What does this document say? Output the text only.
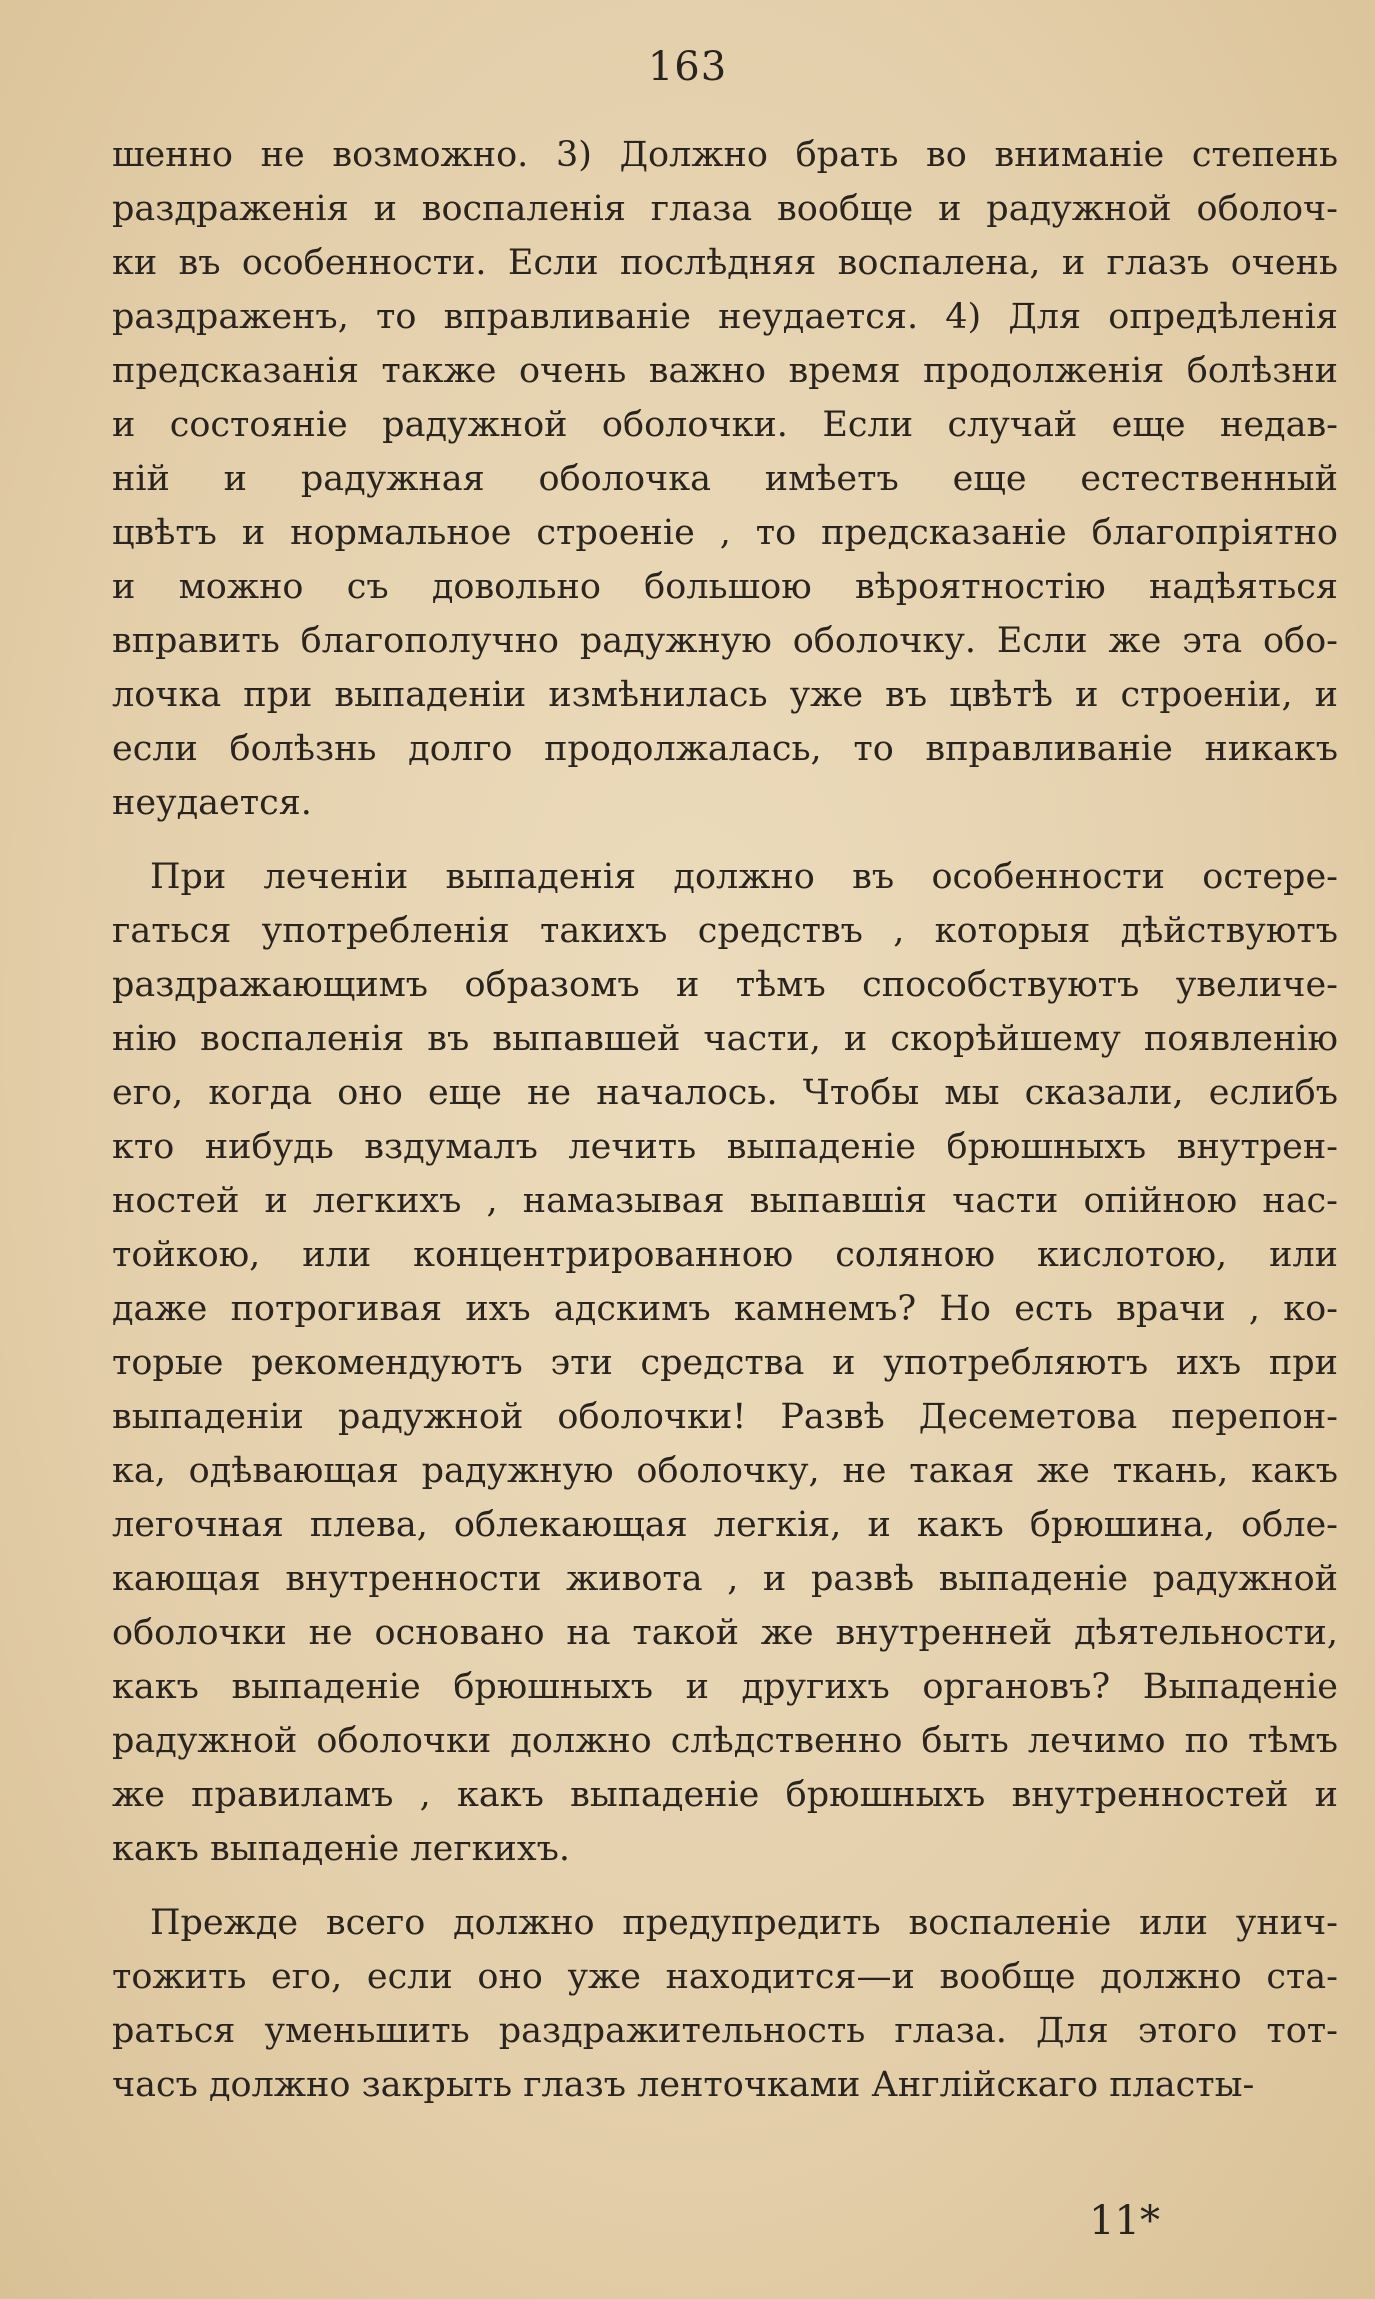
163
шенно не возможно. 3) Должно брать во вниманіе степень
раздраженія и воспаленія глаза вообще и радужной оболоч-
ки въ особенности. Если послѣдняя воспалена, и глазъ очень
раздраженъ, то вправливаніе неудается. 4) Для опредѣленія
предсказанія также очень важно время продолженія болѣзни
и состояніе радужной оболочки. Если случай еще недав-
ній и радужная оболочка имѣетъ еще естественный
цвѣтъ и нормальное строеніе , то предсказаніе благопріятно
и можно съ довольно большою вѣроятностію надѣяться
вправить благополучно радужную оболочку. Если же эта обо-
лочка при выпаденіи измѣнилась уже въ цвѣтѣ и строеніи, и
если болѣзнь долго продолжалась, то вправливаніе никакъ
неудается.
При леченіи выпаденія должно въ особенности остере-
гаться употребленія такихъ средствъ , которыя дѣйствуютъ
раздражающимъ образомъ и тѣмъ способствуютъ увеличе-
нію воспаленія въ выпавшей части, и скорѣйшему появленію
его, когда оно еще не началось. Чтобы мы сказали, еслибъ
кто нибудь вздумалъ лечить выпаденіе брюшныхъ внутрен-
ностей и легкихъ , намазывая выпавшія части опійною нас-
тойкою, или концентрированною соляною кислотою, или
даже потрогивая ихъ адскимъ камнемъ? Но есть врачи , ко-
торые рекомендуютъ эти средства и употребляютъ ихъ при
выпаденіи радужной оболочки! Развѣ Десеметова перепон-
ка, одѣвающая радужную оболочку, не такая же ткань, какъ
легочная плева, облекающая легкія, и какъ брюшина, обле-
кающая внутренности живота , и развѣ выпаденіе радужной
оболочки не основано на такой же внутренней дѣятельности,
какъ выпаденіе брюшныхъ и другихъ органовъ? Выпаденіе
радужной оболочки должно слѣдственно быть лечимо по тѣмъ
же правиламъ , какъ выпаденіе брюшныхъ внутренностей и
какъ выпаденіе легкихъ.
Прежде всего должно предупредить воспаленіе или унич-
тожить его, если оно уже находится—и вообще должно ста-
раться уменьшить раздражительность глаза. Для этого тот-
часъ должно закрыть глазъ ленточками Англійскаго пласты-
11*
